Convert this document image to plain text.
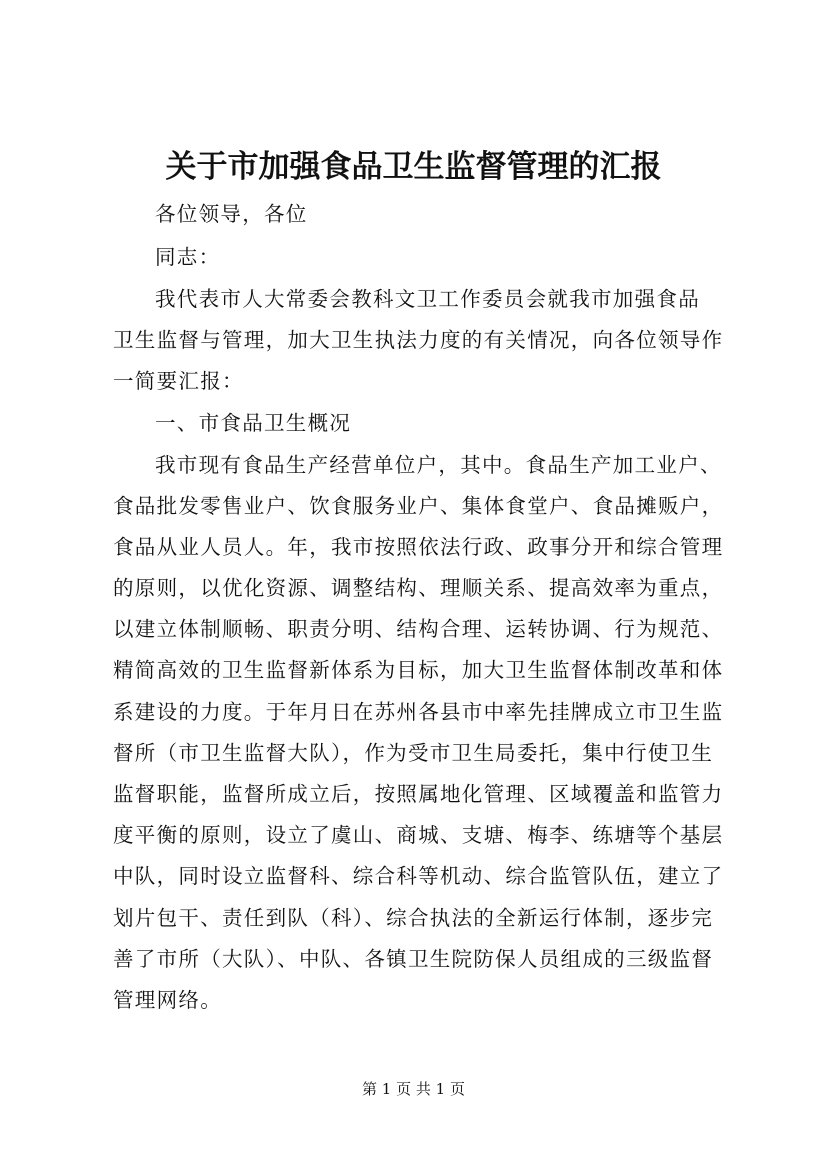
关于市加强食品卫生监督管理的汇报
各位领导，各位
同志：
我代表市人大常委会教科文卫工作委员会就我市加强食品
卫生监督与管理，加大卫生执法力度的有关情况，向各位领导作
一简要汇报：
一、市食品卫生概况
我市现有食品生产经营单位户，其中。食品生产加工业户、
食品批发零售业户、饮食服务业户、集体食堂户、食品摊贩户，
食品从业人员人。年，我市按照依法行政、政事分开和综合管理
的原则，以优化资源、调整结构、理顺关系、提高效率为重点，
以建立体制顺畅、职责分明、结构合理、运转协调、行为规范、
精简高效的卫生监督新体系为目标，加大卫生监督体制改革和体
系建设的力度。于年月日在苏州各县市中率先挂牌成立市卫生监
督所（市卫生监督大队），作为受市卫生局委托，集中行使卫生
监督职能，监督所成立后，按照属地化管理、区域覆盖和监管力
度平衡的原则，设立了虞山、商城、支塘、梅李、练塘等个基层
中队，同时设立监督科、综合科等机动、综合监管队伍，建立了
划片包干、责任到队（科）、综合执法的全新运行体制，逐步完
善了市所（大队）、中队、各镇卫生院防保人员组成的三级监督
管理网络。
第 1 页 共 1 页
